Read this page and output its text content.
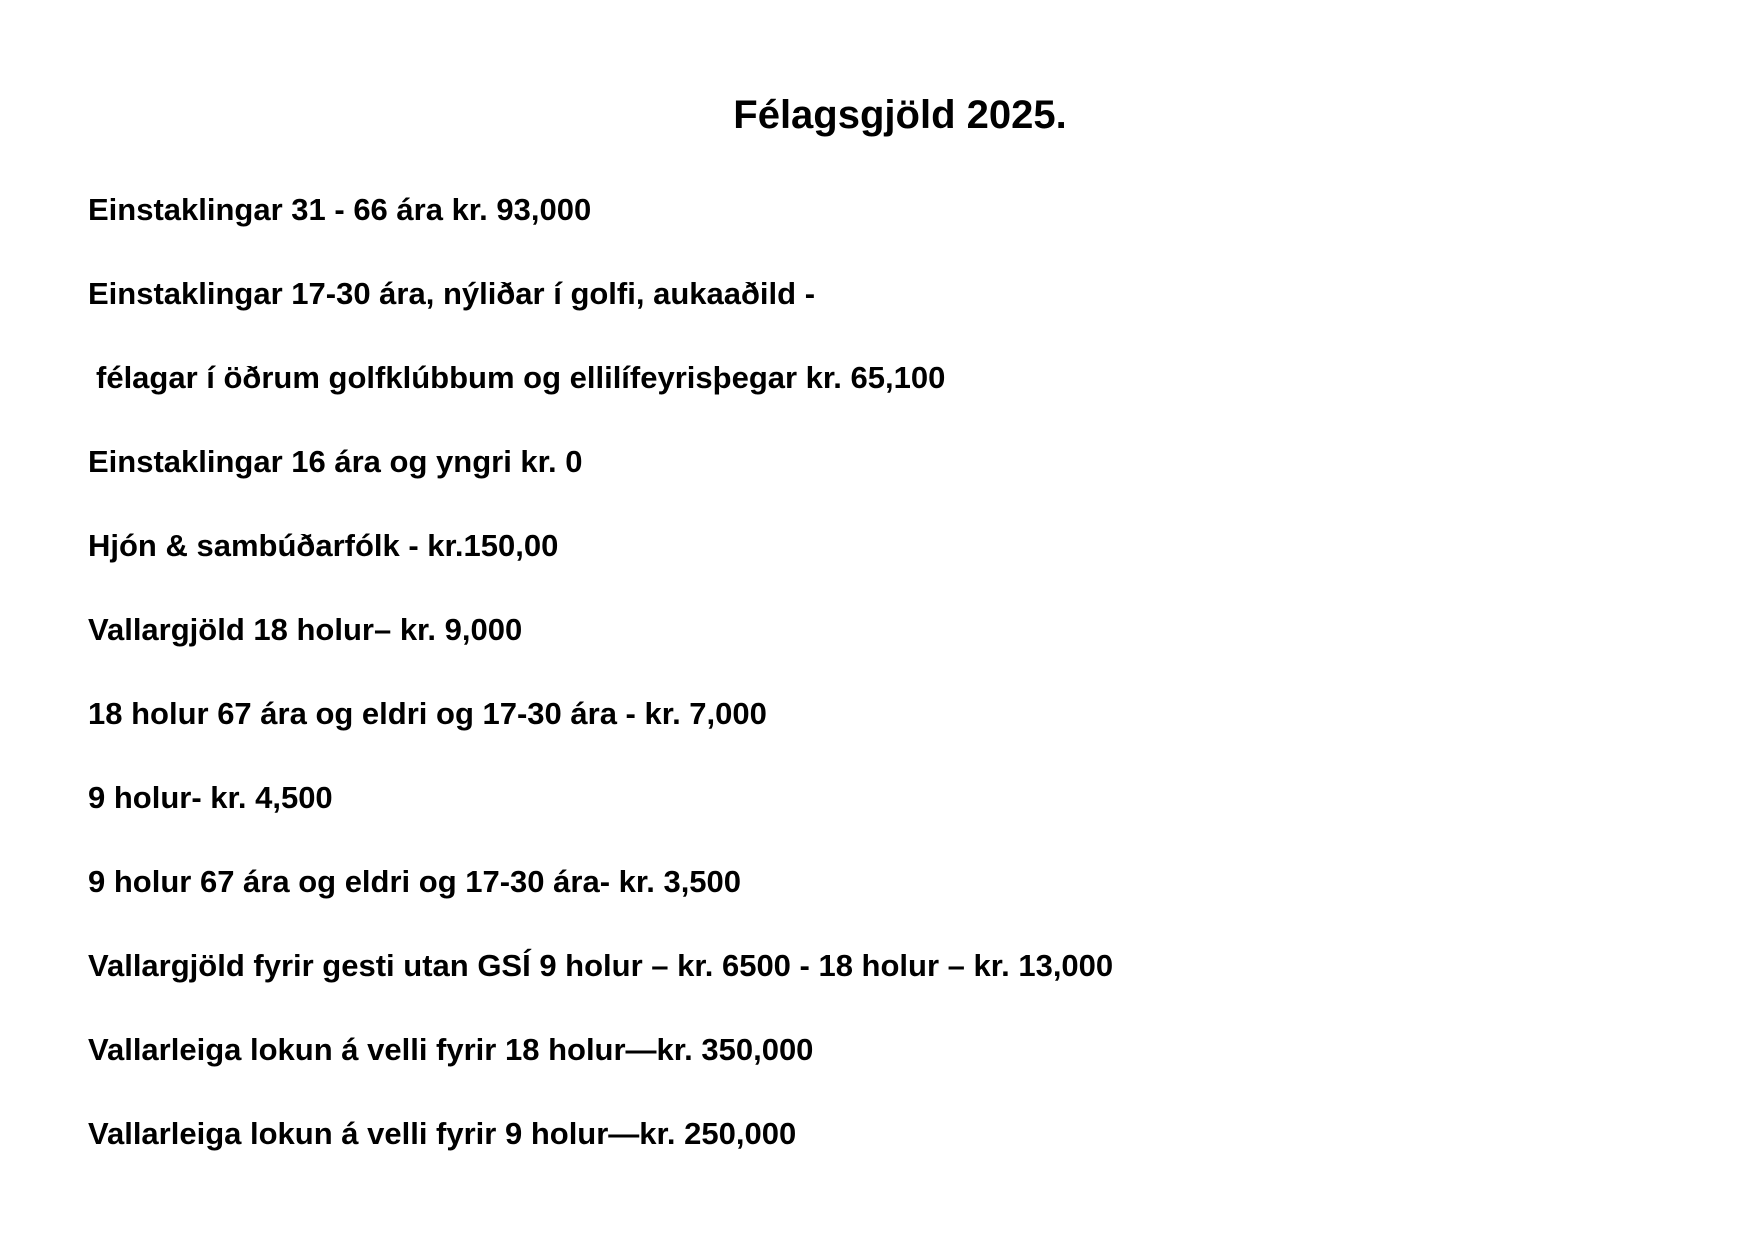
Félagsgjöld 2025.
Einstaklingar 31 - 66 ára kr. 93,000
Einstaklingar 17-30 ára, nýliðar í golfi, aukaaðild -
félagar í öðrum golfklúbbum og ellilífeyrisþegar kr. 65,100
Einstaklingar 16 ára og yngri kr. 0
Hjón & sambúðarfólk - kr.150,00
Vallargjöld 18 holur– kr. 9,000
18 holur 67 ára og eldri og 17-30 ára - kr. 7,000
9 holur- kr. 4,500
9 holur 67 ára og eldri og 17-30 ára- kr. 3,500
Vallargjöld fyrir gesti utan GSÍ 9 holur – kr. 6500 - 18 holur – kr. 13,000
Vallarleiga lokun á velli fyrir 18 holur—kr. 350,000
Vallarleiga lokun á velli fyrir 9 holur—kr. 250,000
